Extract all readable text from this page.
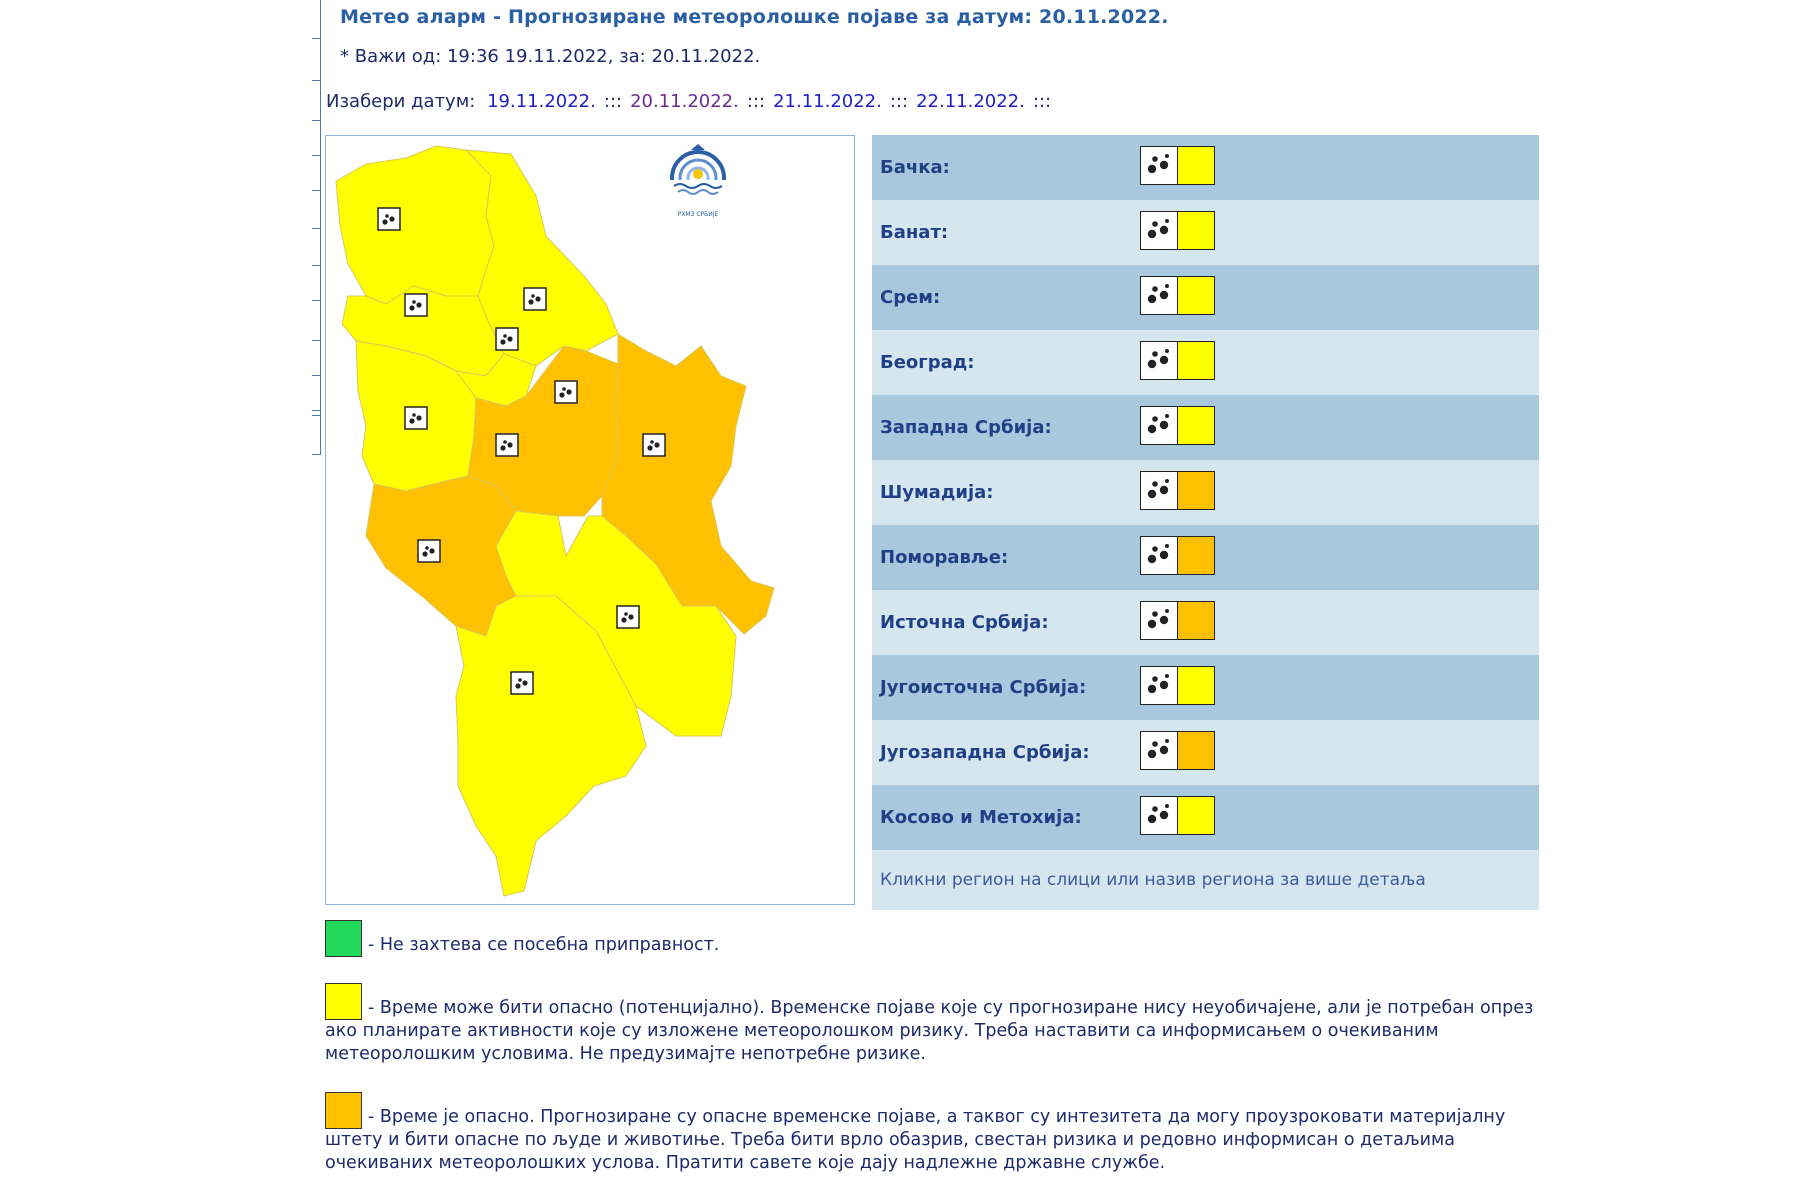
Метео аларм - Прогнозиране метеоролошке појаве за датум: 20.11.2022.
* Важи од: 19:36 19.11.2022, за: 20.11.2022.
Изабери датум: 19.11.2022. ::: 20.11.2022. ::: 21.11.2022. ::: 22.11.2022. :::
РХМЗ СРБИЈЕ
Бачка:
Банат:
Срем:
Београд:
Западна Србија:
Шумадија:
Поморавље:
Источна Србија:
Југоисточна Србија:
Југозападна Србија:
Косово и Метохија:
Кликни регион на слици или назив региона за више детаља
- Не захтева се посебна приправност.
- Време може бити опасно (потенцијално). Временске појаве које су прогнозиране нису неуобичајене, али је потребан опрез ако планирате активности које су изложене метеоролошком ризику. Треба наставити са информисањем о очекиваним метеоролошким условима. Не предузимајте непотребне ризике.
- Време је опасно. Прогнозиране су опасне временске појаве, а таквог су интезитета да могу проузроковати материјалну штету и бити опасне по људе и животиње. Треба бити врло обазрив, свестан ризика и редовно информисан о детаљима очекиваних метеоролошких услова. Пратити савете које дају надлежне државне службе.
